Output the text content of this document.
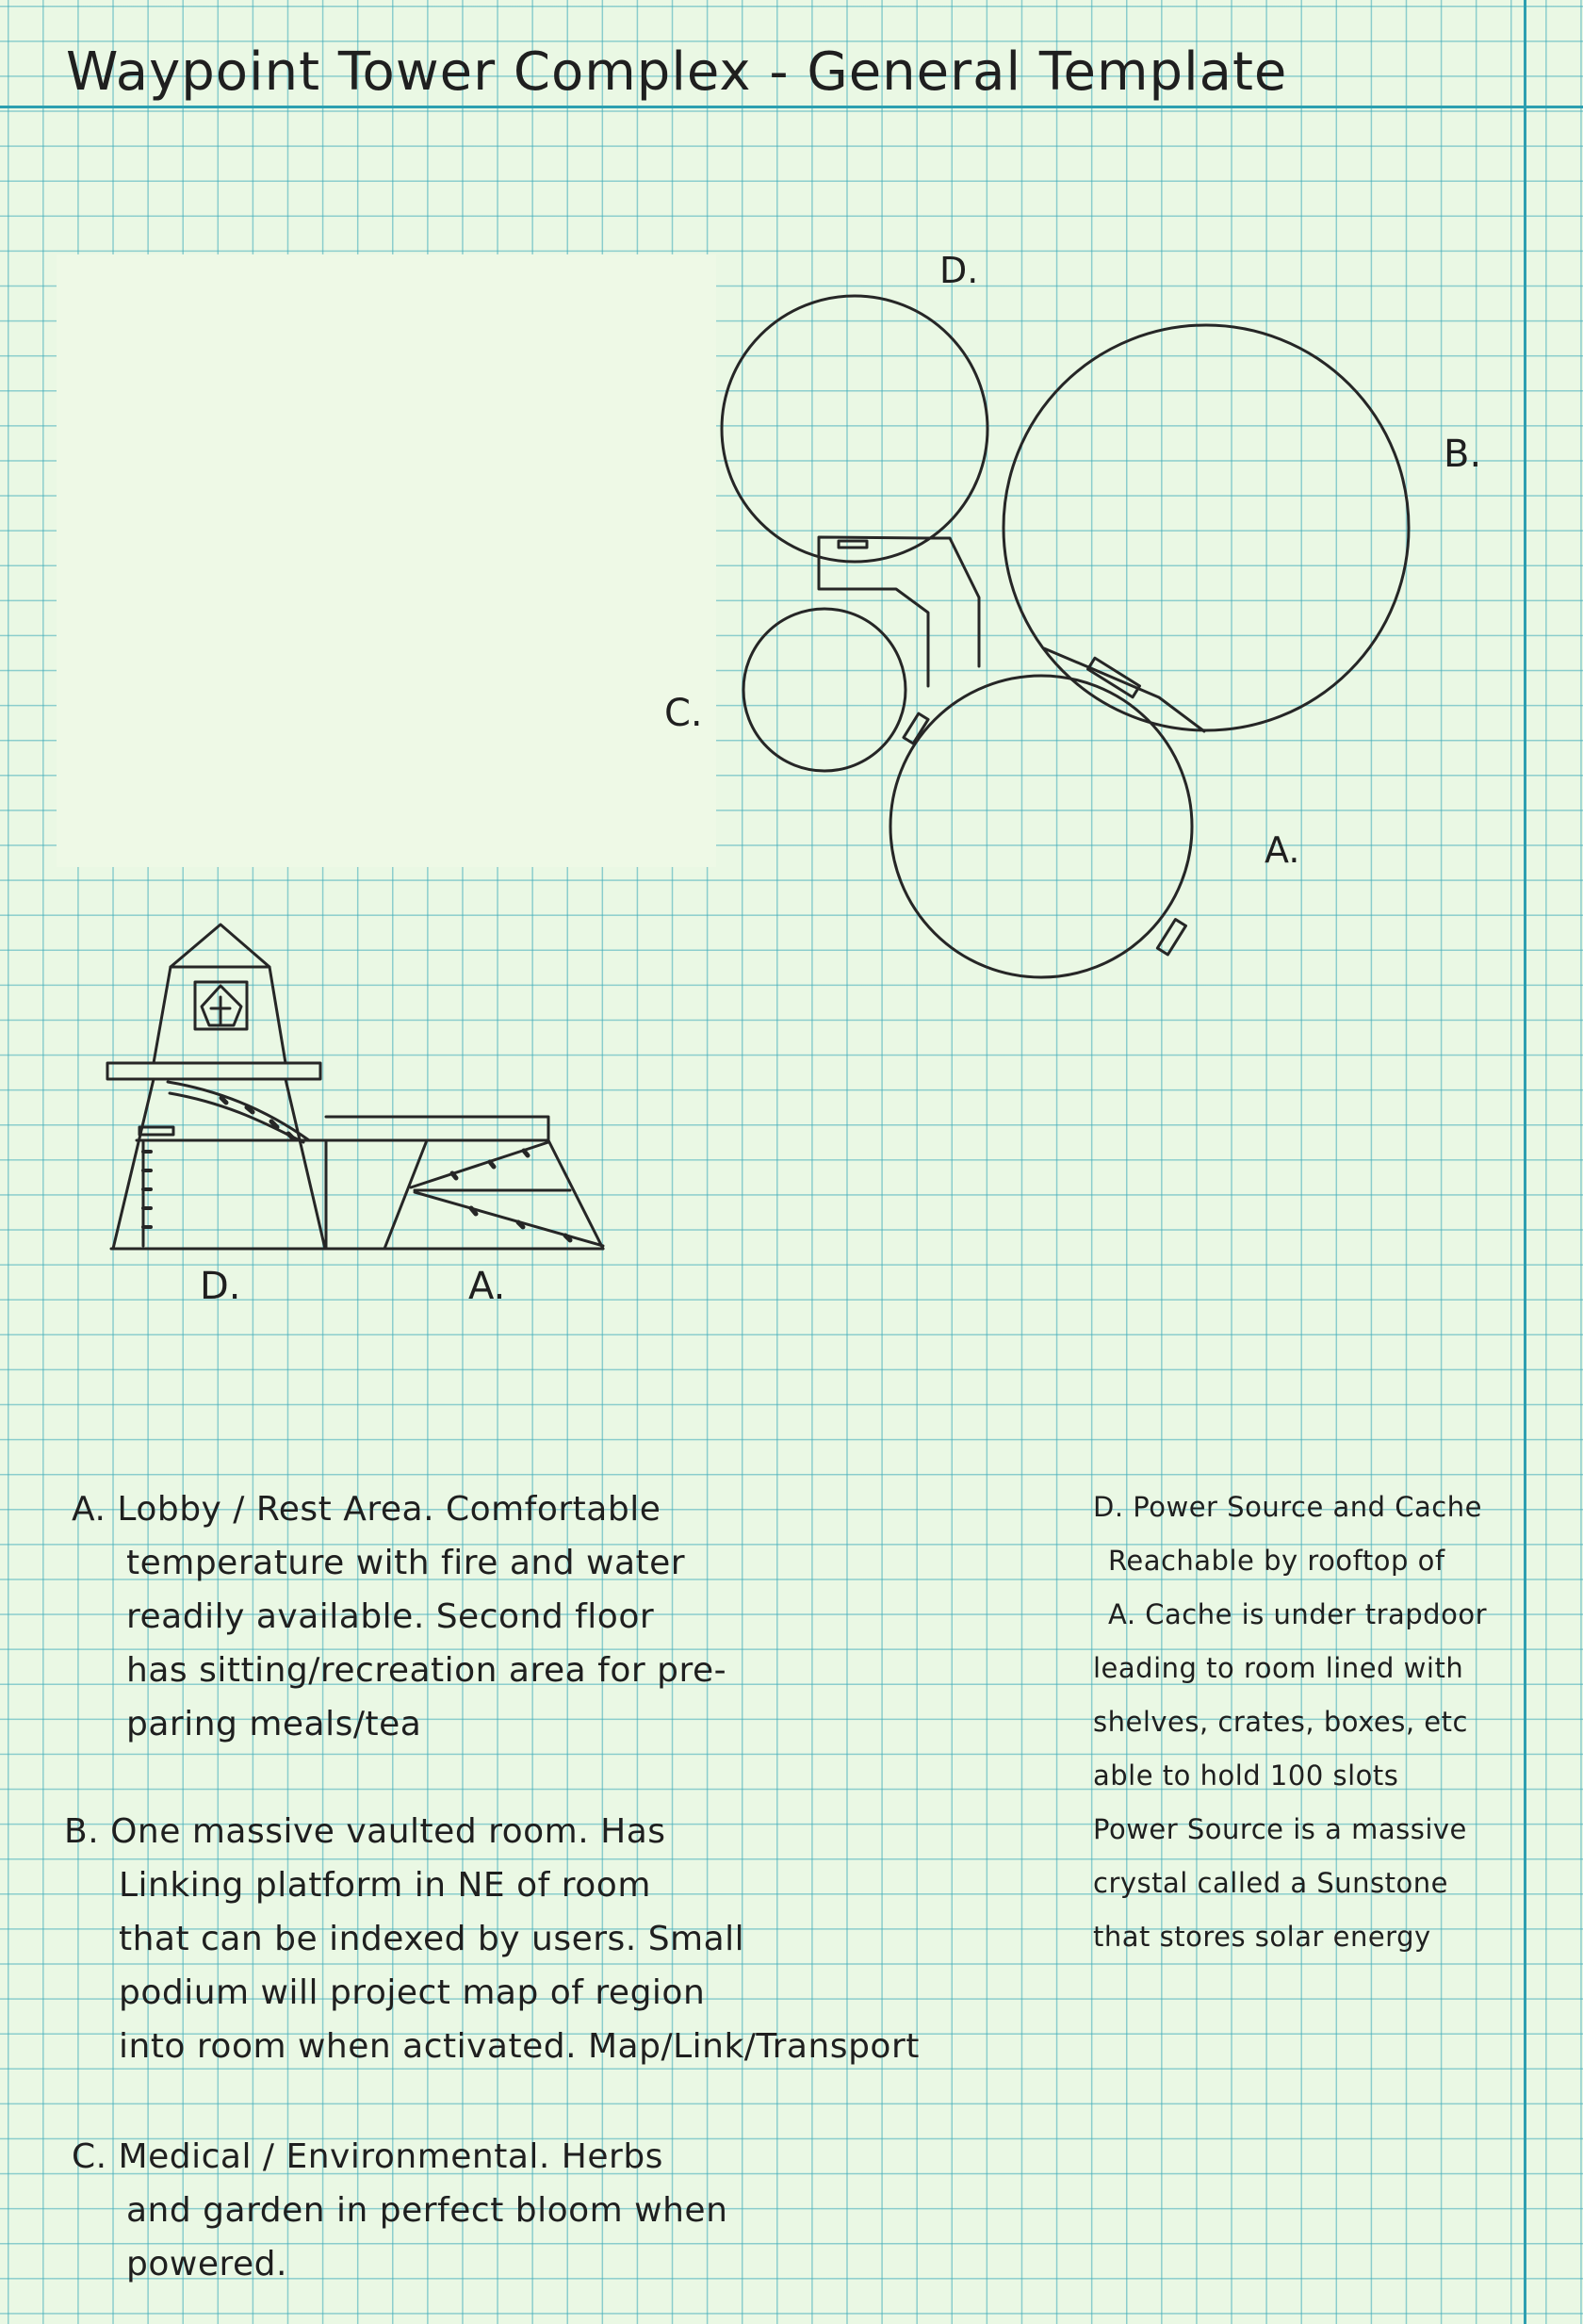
Waypoint Tower Complex - General Template
D.
B.
C.
A.
D.	A.

A. Lobby / Rest Area. Comfortable

temperature with fire and water

readily available. Second floor

has sitting/recreation area for pre-

paring meals/tea

B. One massive vaulted room. Has

Linking platform in NE of room

that can be indexed by users. Small

podium will project map of region

into room when activated. Map/Link/Transport

C. Medical / Environmental. Herbs

and garden in perfect bloom when

powered.

D. Power Source and Cache

Reachable by rooftop of

A. Cache is under trapdoor

leading to room lined with

shelves, crates, boxes, etc

able to hold 100 slots

Power Source is a massive

crystal called a Sunstone

that stores solar energy
